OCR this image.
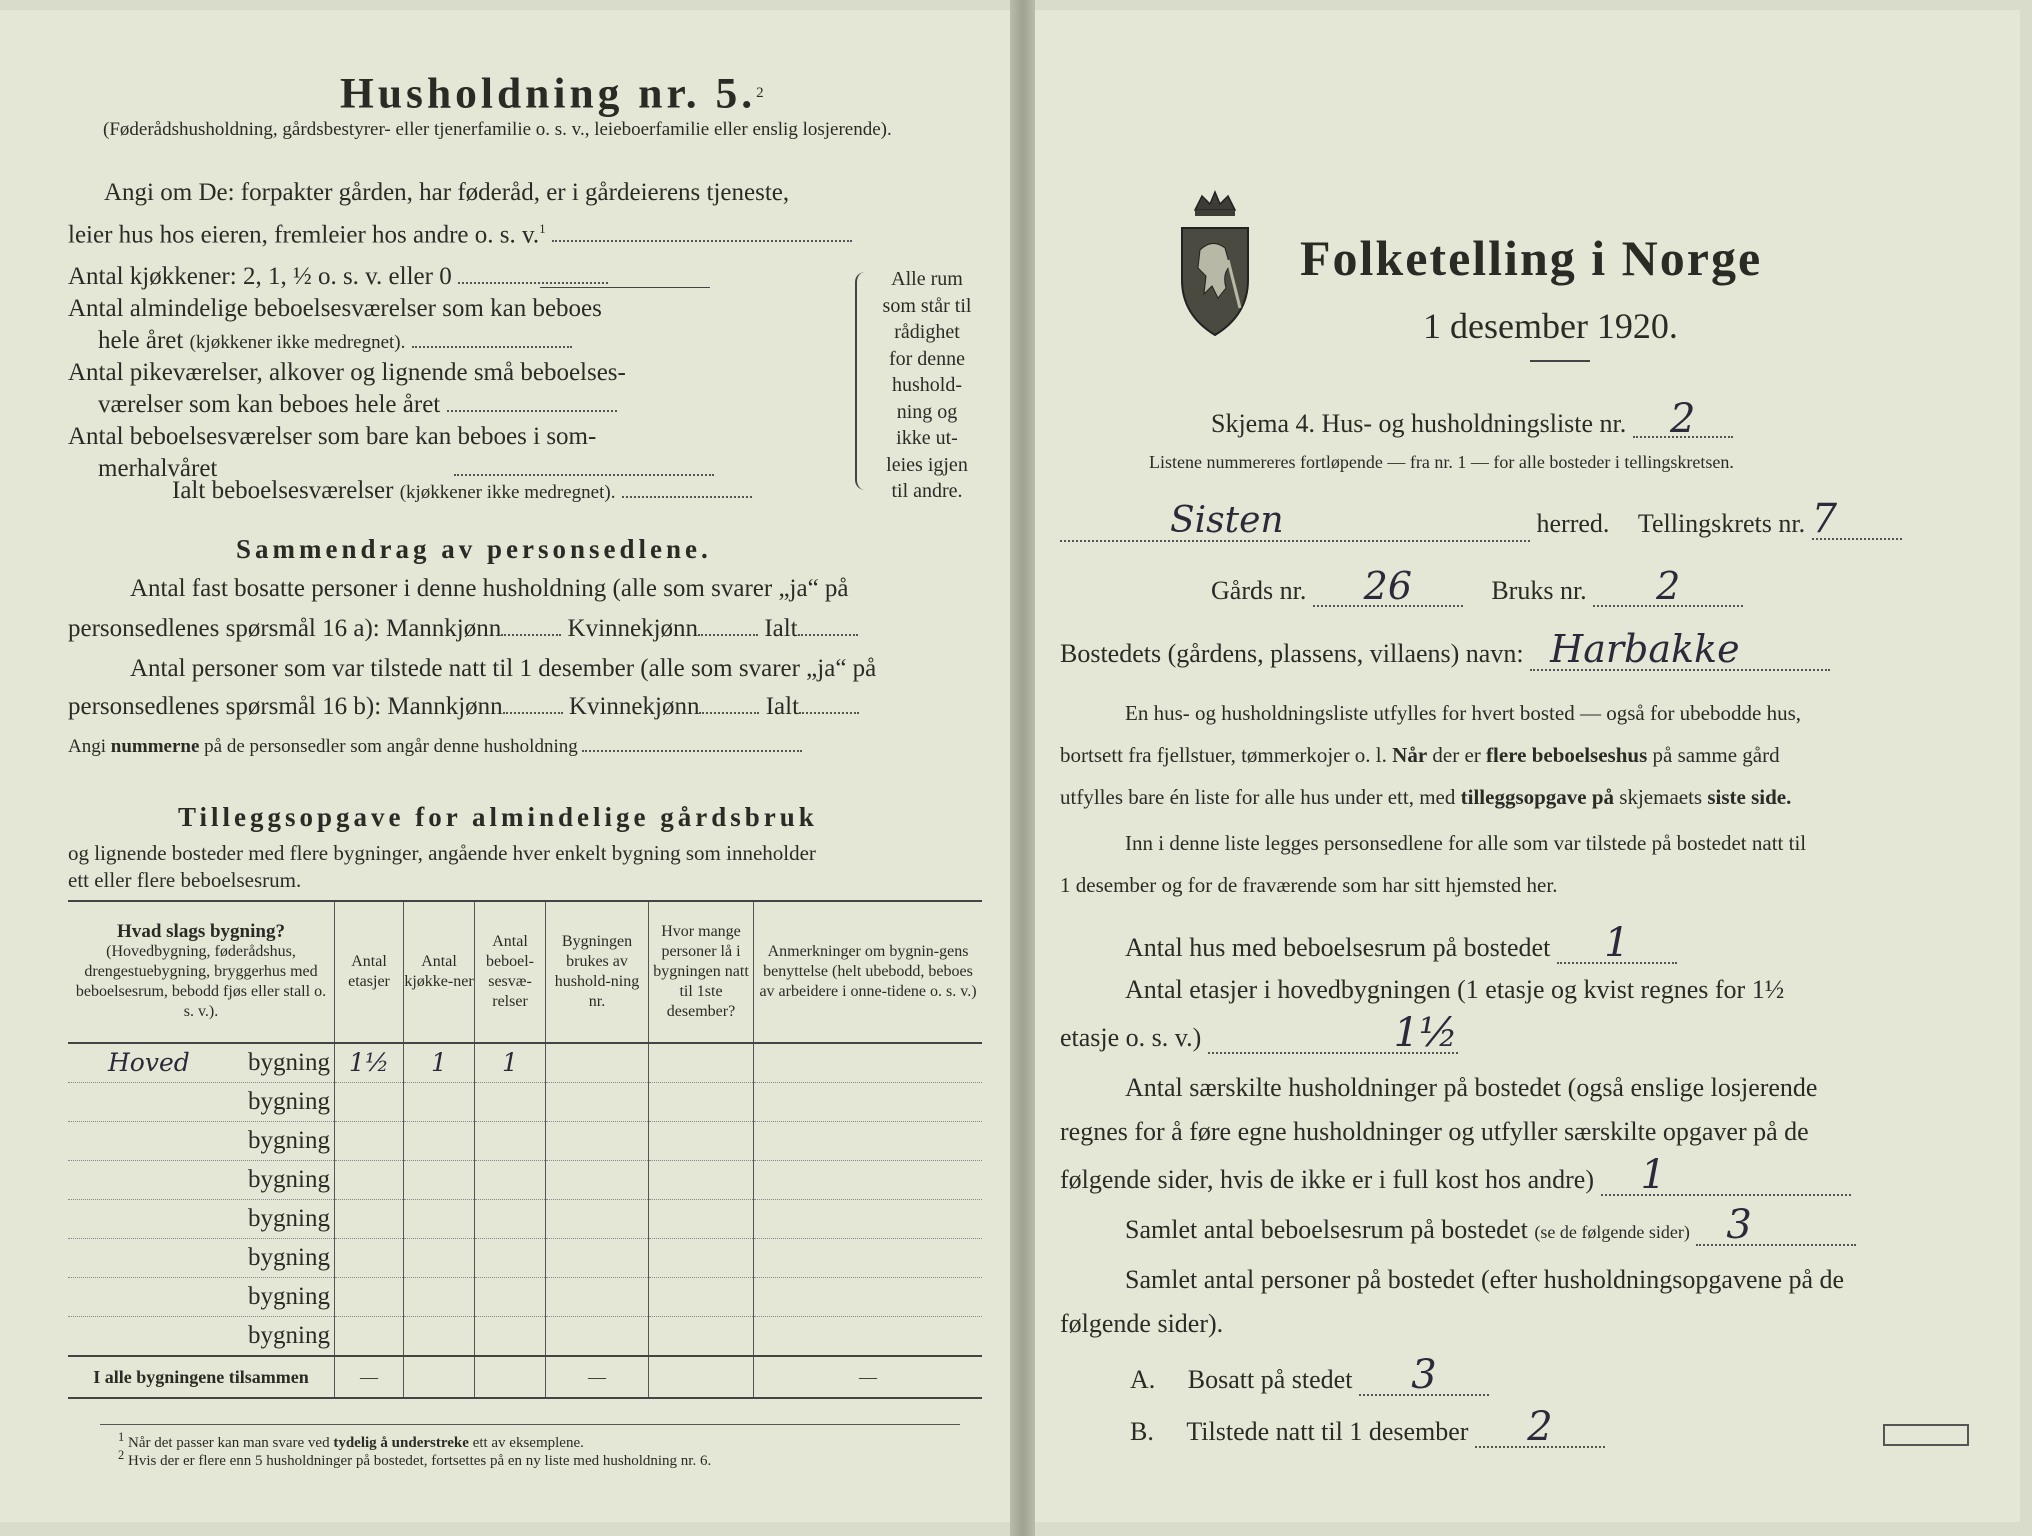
Husholdning nr. 5.$^2$
(Føderådshusholdning, gårdsbestyrer- eller tjenerfamilie o. s. v., leieboerfamilie eller enslig losjerende).
Angi om De: forpakter gården, har føderåd, er i gårdeierens tjeneste,
leier hus hos eieren, fremleier hos andre o. s. v.$^1$
Antal kjøkkener: 2, 1, ½ o. s. v. eller 0
Antal almindelige beboelsesværelser som kan beboes
hele året (kjøkkener ikke medregnet).
Antal pikeværelser, alkover og lignende små beboelses-
værelser som kan beboes hele året
Antal beboelsesværelser som bare kan beboes i som-
merhalvåret
Ialt beboelsesværelser (kjøkkener ikke medregnet).
Alle rum
som står til
rådighet
for denne
hushold-
ning og
ikke ut-
leies igjen
til andre.
Sammendrag av personsedlene.
Antal fast bosatte personer i denne husholdning (alle som svarer „ja“ på
personsedlenes spørsmål 16 a): Mannkjønn	Kvinnekjønn	Ialt
Antal personer som var tilstede natt til 1 desember (alle som svarer „ja“ på
personsedlenes spørsmål 16 b): Mannkjønn	Kvinnekjønn	Ialt
Angi nummerne på de personsedler som angår denne husholdning
Tilleggsopgave for almindelige gårdsbruk
og lignende bosteder med flere bygninger, angående hver enkelt bygning som inneholder
ett eller flere beboelsesrum.
Hvad slags bygning?
(Hovedbygning, føderådshus, drengestuebygning, bryggerhus med beboelsesrum, bebodd fjøs eller stall o. s. v.).	Antal etasjer	Antal kjøkke-ner	Antal beboel-sesvæ-relser	Bygningen brukes av hushold-ning nr.	Hvor mange personer lå i bygningen natt til 1ste desember?	Anmerkninger om bygnin-gens benyttelse (helt ubebodd, beboes av arbeidere i onne-tidene o. s. v.)

Hoved bygning	1½	1	1			
bygning						
bygning						
bygning						
bygning						
bygning						
bygning						
bygning						
I alle bygningene tilsammen	—			—		—
$^1$ Når det passer kan man svare ved tydelig å understreke ett av eksemplene.
$^2$ Hvis der er flere enn 5 husholdninger på bostedet, fortsettes på en ny liste med husholdning nr. 6.
Folketelling i Norge
1 desember 1920.
Skjema 4. Hus- og husholdningsliste nr. 2
Listene nummereres fortløpende — fra nr. 1 — for alle bosteder i tellingskretsen.
Sisten	herred. Tellingskrets nr. 7
Gårds nr. 26	Bruks nr. 2
Bostedets (gårdens, plassens, villaens) navn: Harbakke
En hus- og husholdningsliste utfylles for hvert bosted — også for ubebodde hus,
bortsett fra fjellstuer, tømmerkojer o. l. Når der er flere beboelseshus på samme gård
utfylles bare én liste for alle hus under ett, med tilleggsopgave på skjemaets siste side.
Inn i denne liste legges personsedlene for alle som var tilstede på bostedet natt til
1 desember og for de fraværende som har sitt hjemsted her.
Antal hus med beboelsesrum på bostedet 1
Antal etasjer i hovedbygningen (1 etasje og kvist regnes for 1½
etasje o. s. v.)	1½
Antal særskilte husholdninger på bostedet (også enslige losjerende
regnes for å føre egne husholdninger og utfyller særskilte opgaver på de
følgende sider, hvis de ikke er i full kost hos andre) 1
Samlet antal beboelsesrum på bostedet (se de følgende sider) 3
Samlet antal personer på bostedet (efter husholdningsopgavene på de
følgende sider).
A. Bosatt på stedet 3
B. Tilstede natt til 1 desember 2
